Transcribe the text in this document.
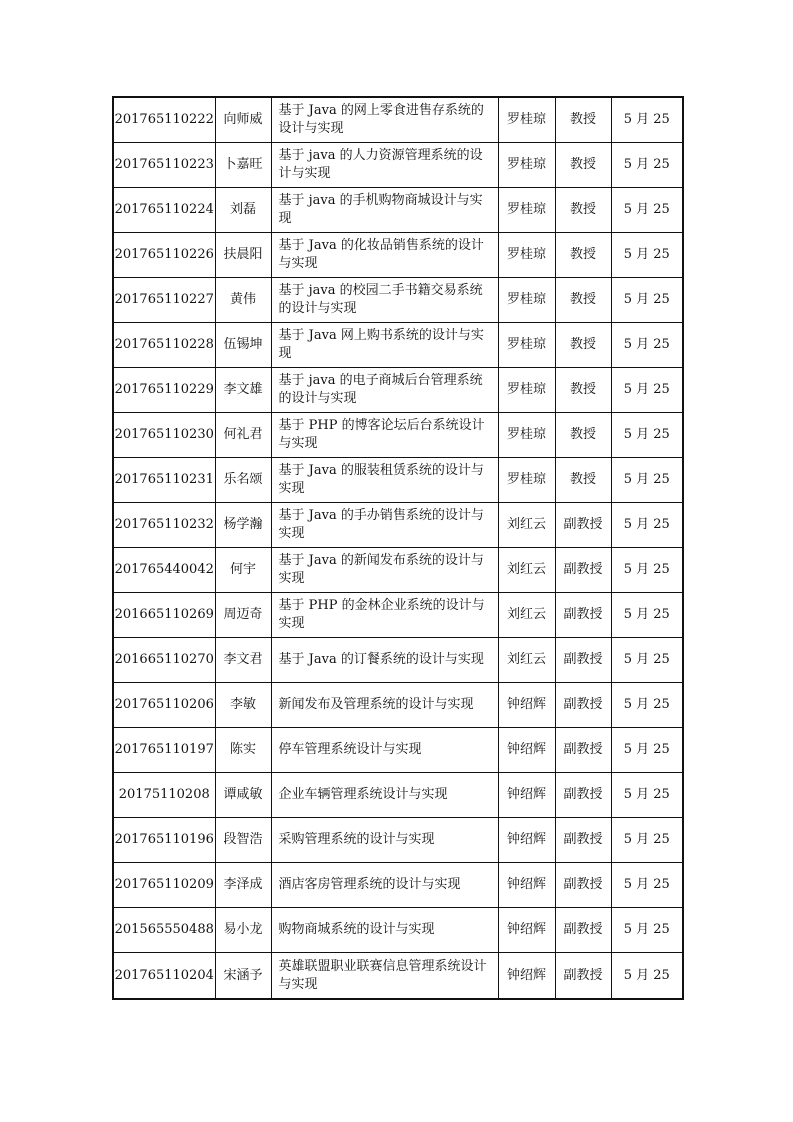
201765110222	向师威	基于 Java 的网上零食进售存系统的设计与实现	罗桂琼	教授	5 月 25
201765110223	卜嘉旺	基于 java 的人力资源管理系统的设计与实现	罗桂琼	教授	5 月 25
201765110224	刘磊	基于 java 的手机购物商城设计与实现	罗桂琼	教授	5 月 25
201765110226	扶晨阳	基于 Java 的化妆品销售系统的设计与实现	罗桂琼	教授	5 月 25
201765110227	黄伟	基于 java 的校园二手书籍交易系统的设计与实现	罗桂琼	教授	5 月 25
201765110228	伍锡坤	基于 Java 网上购书系统的设计与实现	罗桂琼	教授	5 月 25
201765110229	李文雄	基于 java 的电子商城后台管理系统的设计与实现	罗桂琼	教授	5 月 25
201765110230	何礼君	基于 PHP 的博客论坛后台系统设计与实现	罗桂琼	教授	5 月 25
201765110231	乐名颂	基于 Java 的服装租赁系统的设计与实现	罗桂琼	教授	5 月 25
201765110232	杨学瀚	基于 Java 的手办销售系统的设计与实现	刘红云	副教授	5 月 25
201765440042	何宇	基于 Java 的新闻发布系统的设计与实现	刘红云	副教授	5 月 25
201665110269	周迈奇	基于 PHP 的金林企业系统的设计与实现	刘红云	副教授	5 月 25
201665110270	李文君	基于 Java 的订餐系统的设计与实现	刘红云	副教授	5 月 25
201765110206	李敏	新闻发布及管理系统的设计与实现	钟绍辉	副教授	5 月 25
201765110197	陈实	停车管理系统设计与实现	钟绍辉	副教授	5 月 25
20175110208	谭咸敏	企业车辆管理系统设计与实现	钟绍辉	副教授	5 月 25
201765110196	段智浩	采购管理系统的设计与实现	钟绍辉	副教授	5 月 25
201765110209	李泽成	酒店客房管理系统的设计与实现	钟绍辉	副教授	5 月 25
201565550488	易小龙	购物商城系统的设计与实现	钟绍辉	副教授	5 月 25
201765110204	宋涵予	英雄联盟职业联赛信息管理系统设计与实现	钟绍辉	副教授	5 月 25
